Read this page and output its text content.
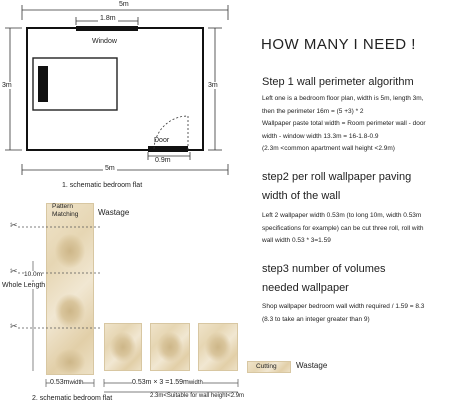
5m
1.8m
Window
3m	3m
Door
0.9m
5m
1. schematic bedroom flat
HOW MANY I NEED !
Step 1 wall perimeter algorithm
Left one is a bedroom floor plan, width is 5m, length 3m,
then the perimeter 16m = (5 +3) * 2
Wallpaper paste total width = Room perimeter wall - door
width - window width 13.3m = 16-1.8-0.9
(2.3m <common apartment wall height <2.9m)
step2 per roll wallpaper paving
width of the wall
Left 2 wallpaper width 0.53m (to long 10m, width 0.53m
specifications for example) can be cut three roll, roll with
wall width 0.53 * 3=1.59
step3 number of volumes
needed wallpaper
Shop wallpaper bedroom wall width required / 1.59 = 8.3
(8.3 to take an integer greater than 9)
✂
✂
✂
Pattern
Matching Wastage
10.0m
Whole Length
Cutting Wastage
0.53mwidth	0.53m × 3 =1.59mwidth
2.3m<Suitable for wall height<2.9m
2. schematic bedroom flat
